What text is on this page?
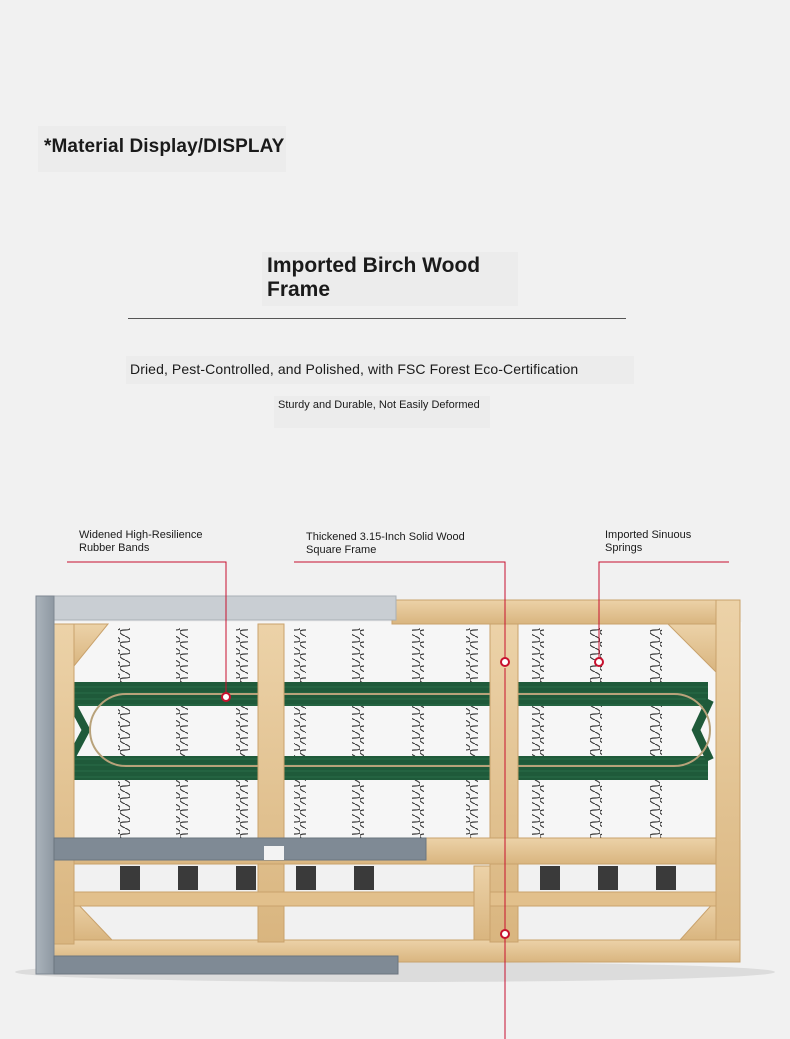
*Material Display/DISPLAY
Imported Birch Wood
Frame
Dried, Pest-Controlled, and Polished, with FSC Forest Eco-Certification
Sturdy and Durable, Not Easily Deformed
Widened High-Resilience
Rubber Bands
Thickened 3.15-Inch Solid Wood
Square Frame
Imported Sinuous
Springs
